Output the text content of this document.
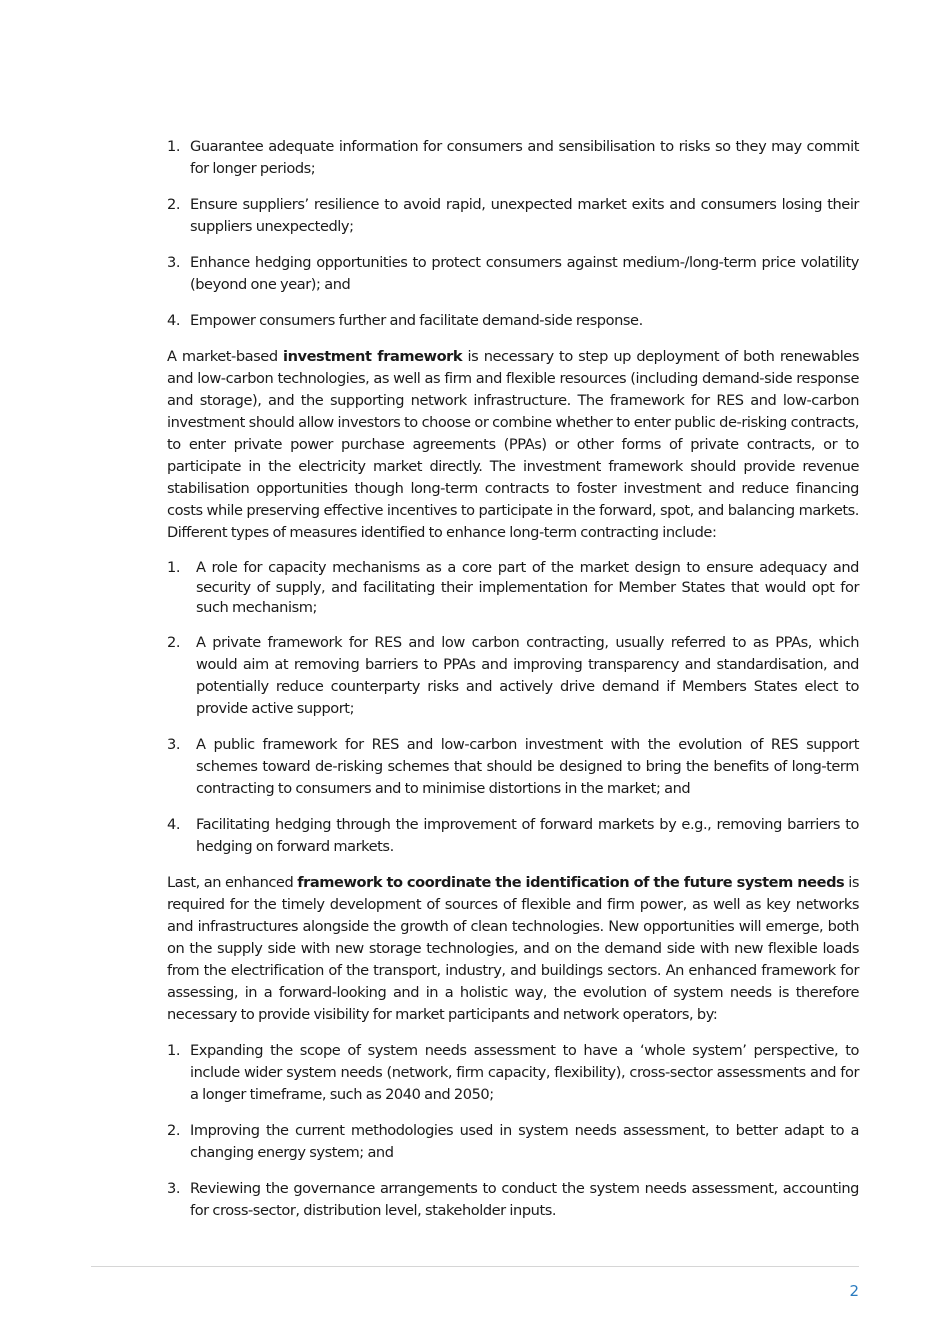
1. Guarantee adequate information for consumers and sensibilisation to risks so they may commit for longer periods;
2. Ensure suppliers’ resilience to avoid rapid, unexpected market exits and consumers losing their suppliers unexpectedly;
3. Enhance hedging opportunities to protect consumers against medium-/long-term price volatility (beyond one year); and
4. Empower consumers further and facilitate demand-side response.

A market-based investment framework is necessary to step up deployment of both renewables and low-carbon technologies, as well as firm and flexible resources (including demand-side response and storage), and the supporting network infrastructure. The framework for RES and low-carbon investment should allow investors to choose or combine whether to enter public de-risking contracts, to enter private power purchase agreements (PPAs) or other forms of private contracts, or to participate in the electricity market directly. The investment framework should provide revenue stabilisation opportunities though long-term contracts to foster investment and reduce financing costs while preserving effective incentives to participate in the forward, spot, and balancing markets. Different types of measures identified to enhance long-term contracting include:

1. A role for capacity mechanisms as a core part of the market design to ensure adequacy and security of supply, and facilitating their implementation for Member States that would opt for such mechanism;
2. A private framework for RES and low carbon contracting, usually referred to as PPAs, which would aim at removing barriers to PPAs and improving transparency and standardisation, and potentially reduce counterparty risks and actively drive demand if Members States elect to provide active support;
3. A public framework for RES and low-carbon investment with the evolution of RES support schemes toward de-risking schemes that should be designed to bring the benefits of long-term contracting to consumers and to minimise distortions in the market; and
4. Facilitating hedging through the improvement of forward markets by e.g., removing barriers to hedging on forward markets.

Last, an enhanced framework to coordinate the identification of the future system needs is required for the timely development of sources of flexible and firm power, as well as key networks and infrastructures alongside the growth of clean technologies. New opportunities will emerge, both on the supply side with new storage technologies, and on the demand side with new flexible loads from the electrification of the transport, industry, and buildings sectors. An enhanced framework for assessing, in a forward-looking and in a holistic way, the evolution of system needs is therefore necessary to provide visibility for market participants and network operators, by:

1. Expanding the scope of system needs assessment to have a ‘whole system’ perspective, to include wider system needs (network, firm capacity, flexibility), cross-sector assessments and for a longer timeframe, such as 2040 and 2050;
2. Improving the current methodologies used in system needs assessment, to better adapt to a changing energy system; and
3. Reviewing the governance arrangements to conduct the system needs assessment, accounting for cross-sector, distribution level, stakeholder inputs.
2
